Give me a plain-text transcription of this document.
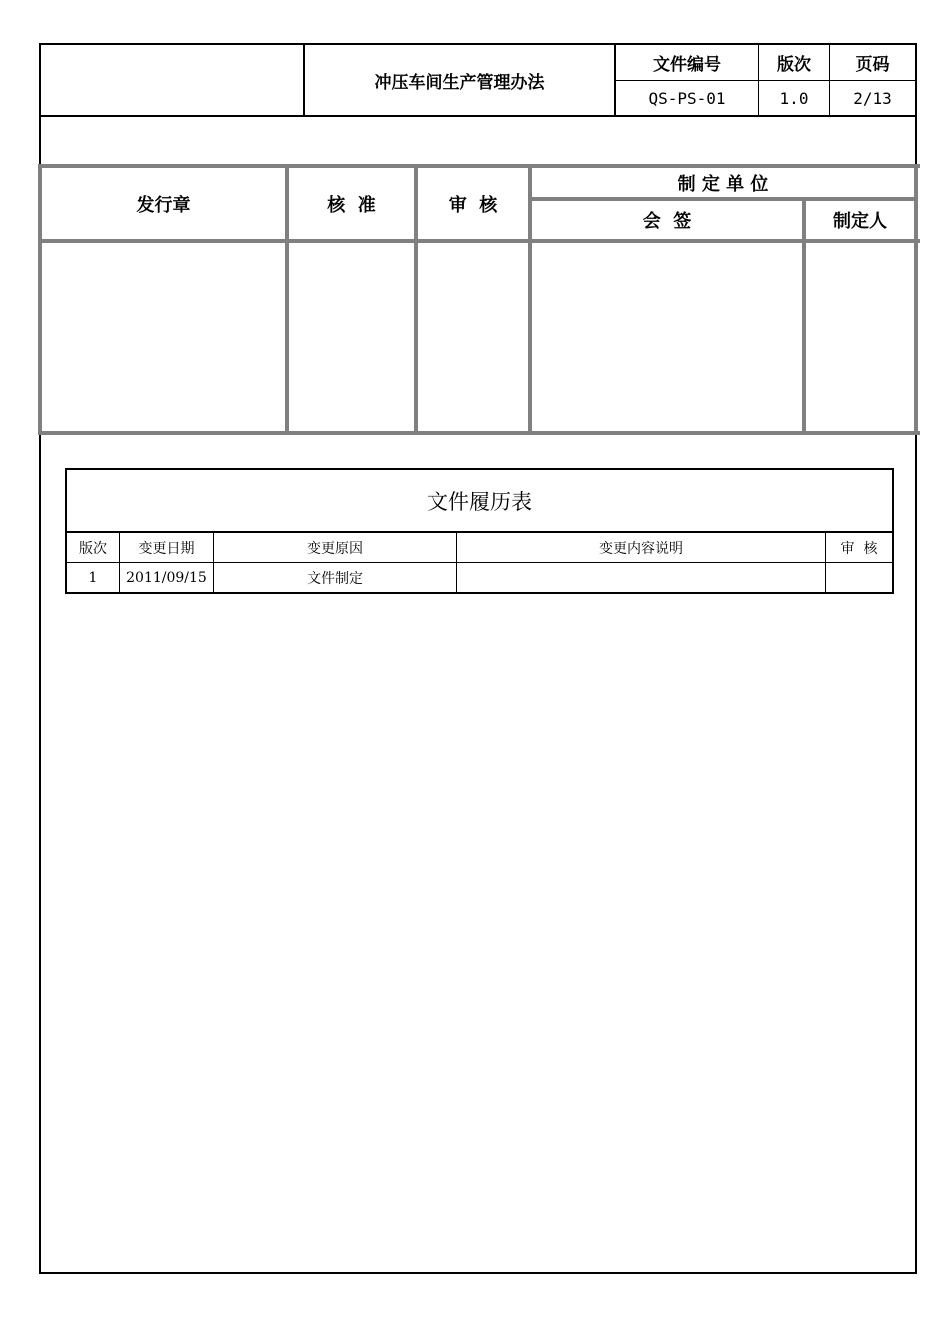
冲压车间生产管理办法
文件编号	版次	页码
QS-PS-01	1.0	2/13
发行章	核  准	审  核
制 定 单 位
会  签	制定人
文件履历表
版次	变更日期	变更原因	变更内容说明	审  核
1	2011/09/15	文件制定
